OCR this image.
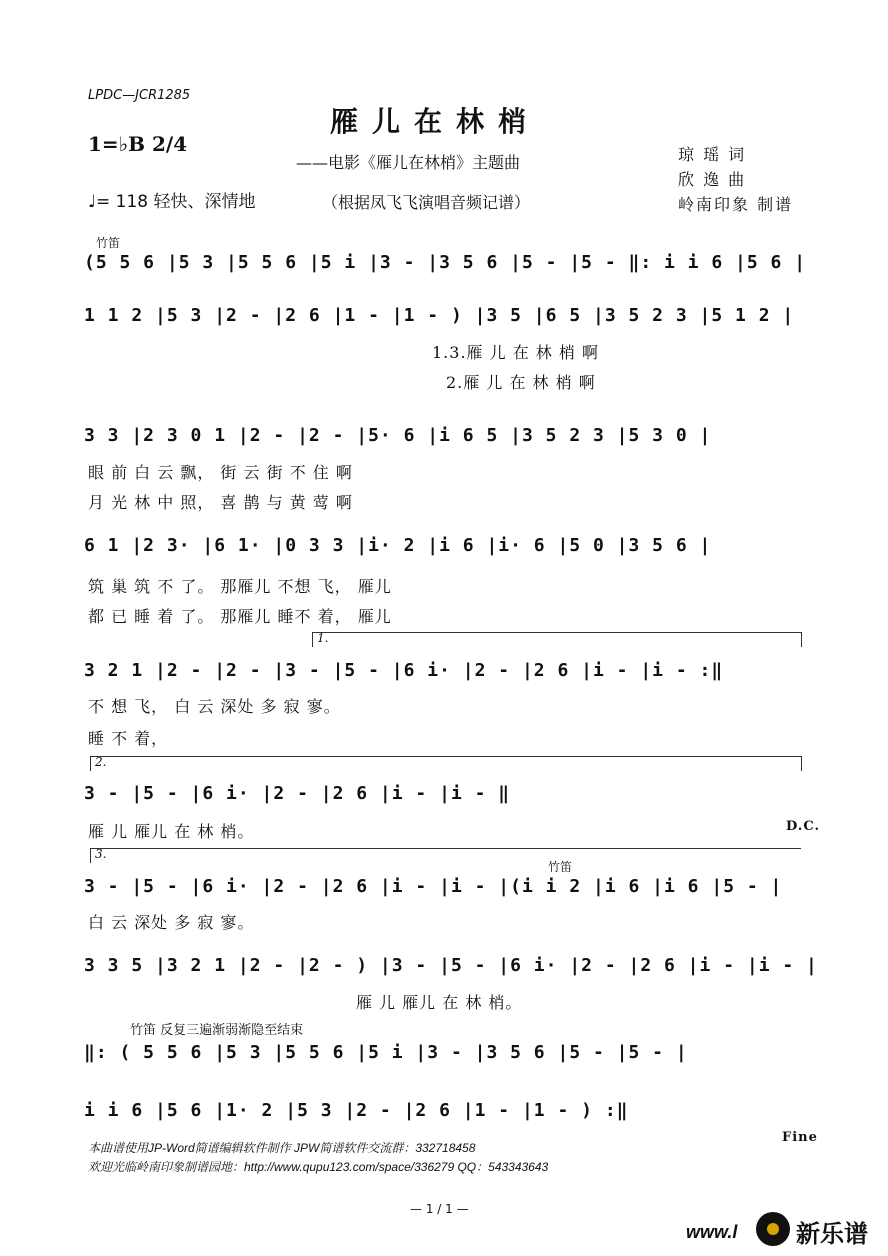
LPDC—JCR1285
雁儿在林梢
——电影《雁儿在林梢》主题曲
1=♭B 2/4
♩= 118 轻快、深情地	（根据凤飞飞演唱音频记谱）
琼 瑶 词
欣 逸 曲
岭南印象 制谱
竹笛
(5 5 6 |5 3 |5 5 6 |5 i |3 - |3 5 6 |5 - |5 - ‖: i i 6 |5 6 |
1 1 2 |5 3 |2 - |2 6 |1 - |1 - ) |3 5 |6 5 |3 5 2 3 |5 1 2 |
1.3.雁 儿 在 林 梢 啊
2.雁 儿 在 林 梢 啊
3 3 |2 3 0 1 |2 - |2 - |5· 6 |i 6 5 |3 5 2 3 |5 3 0 |
眼 前 白 云 飘， 街 云 街 不 住 啊
月 光 林 中 照， 喜 鹊 与 黄 莺 啊
6 1 |2 3· |6 1· |0 3 3 |i· 2 |i 6 |i· 6 |5 0 |3 5 6 |
筑 巢 筑 不 了。 那雁儿 不想 飞， 雁儿
都 已 睡 着 了。 那雁儿 睡不 着， 雁儿
1.
3 2 1 |2 - |2 - |3 - |5 - |6 i· |2 - |2 6 |i - |i - :‖
不 想 飞， 白 云 深处 多 寂 寥。
睡 不 着，
2.
3 - |5 - |6 i· |2 - |2 6 |i - |i - ‖
雁 儿 雁儿 在 林 梢。	D.C.
3.
竹笛
3 - |5 - |6 i· |2 - |2 6 |i - |i - |(i i 2 |i 6 |i 6 |5 - |
白 云 深处 多 寂 寥。
3 3 5 |3 2 1 |2 - |2 - ) |3 - |5 - |6 i· |2 - |2 6 |i - |i - |
雁 儿 雁儿 在 林 梢。
竹笛 反复三遍渐弱渐隐至结束
‖: ( 5 5 6 |5 3 |5 5 6 |5 i |3 - |3 5 6 |5 - |5 - |
i i 6 |5 6 |1· 2 |5 3 |2 - |2 6 |1 - |1 - ) :‖
Fine
本曲谱使用JP-Word简谱编辑软件制作 JPW简谱软件交流群：332718458
欢迎光临岭南印象制谱园地：http://www.qupu123.com/space/336279 QQ：543343643
— 1 / 1 —
www.l 新乐谱
